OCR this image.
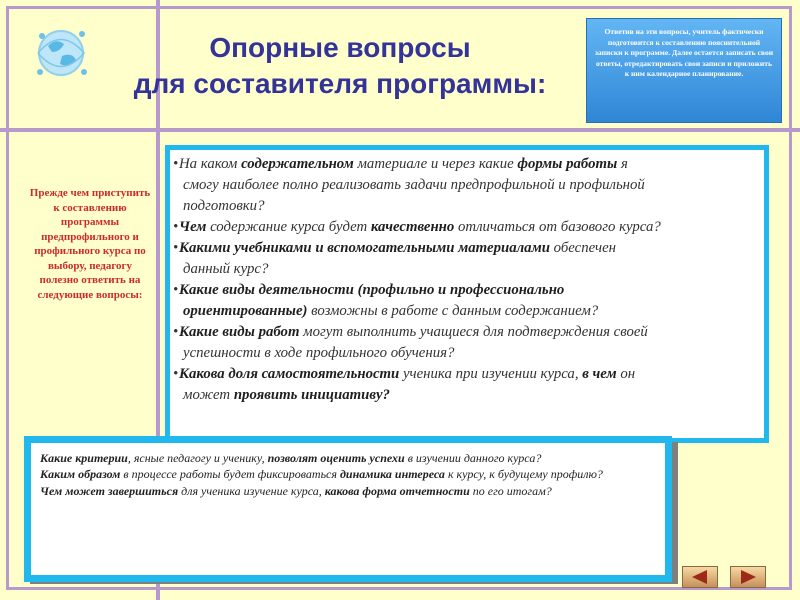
Опорные вопросы
для составителя программы:
Ответив на эти вопросы, учитель фактически подготовится к составлению пояснительной записки к программе. Далее остается записать свои ответы, отредактировать свои записи и приложить к ним календарное планирование.
Прежде чем приступить к составлению программы предпрофильного и профильного курса по выбору, педагогу полезно ответить на следующие вопросы:
• На каком содержательном материале и через какие формы работы я
смогу наиболее полно реализовать задачи предпрофильной и профильной
подготовки?
• Чем содержание курса будет качественно отличаться от базового курса?
• Какими учебниками и вспомогательными материалами обеспечен
данный курс?
• Какие виды деятельности (профильно и профессионально
ориентированные) возможны в работе с данным содержанием?
• Какие виды работ могут выполнить учащиеся для подтверждения своей
успешности в ходе профильного обучения?
• Какова доля самостоятельности ученика при изучении курса, в чем он
может проявить инициативу?
Какие критерии, ясные педагогу и ученику, позволят оценить успехи в изучении данного курса?
Каким образом в процессе работы будет фиксироваться динамика интереса к курсу, к будущему профилю?
Чем может завершиться для ученика изучение курса, какова форма отчетности по его итогам?
